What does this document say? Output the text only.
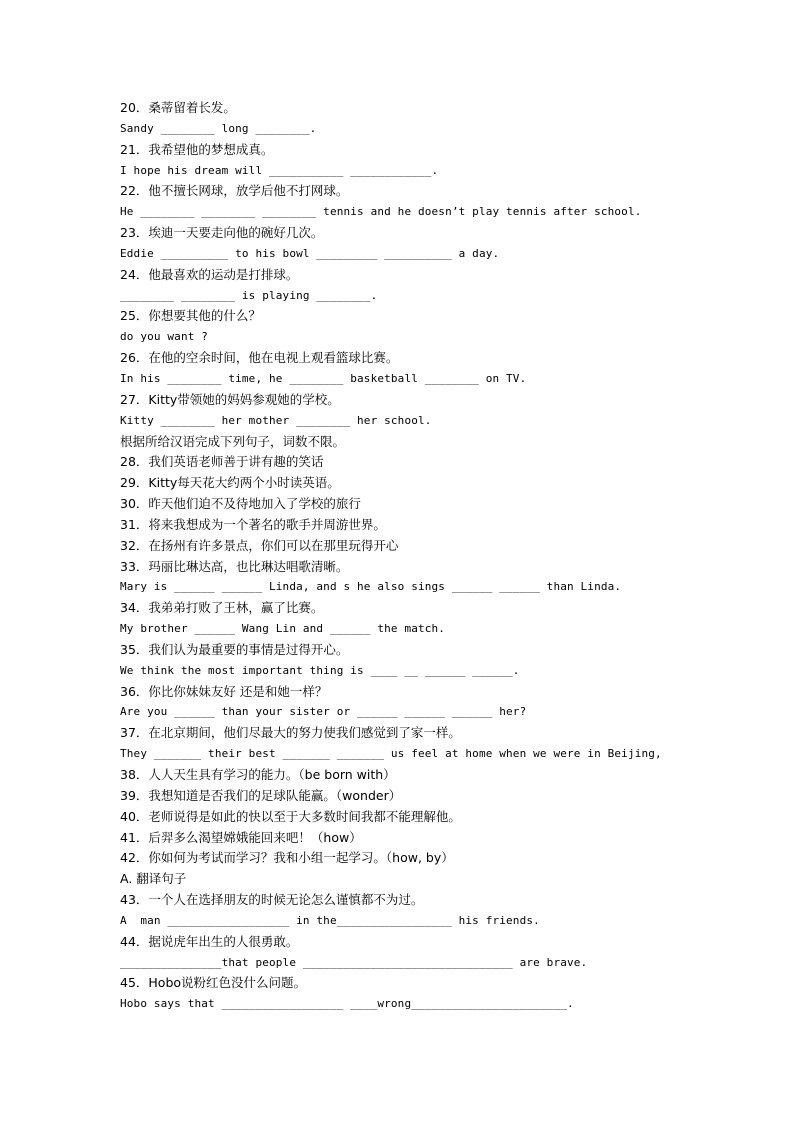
20．桑蒂留着长发。
Sandy ________ long ________.
21．我希望他的梦想成真。
I hope his dream will ___________ ____________.
22．他不擅长网球，放学后他不打网球。
He ________ ________ ________ tennis and he doesn’t play tennis after school.
23．埃迪一天要走向他的碗好几次。
Eddie __________ to his bowl _________ __________ a day.
24．他最喜欢的运动是打排球。
________ ________ is playing ________.
25．你想要其他的什么？
do you want ?
26．在他的空余时间，他在电视上观看篮球比赛。
In his ________ time, he ________ basketball ________ on TV.
27．Kitty带领她的妈妈参观她的学校。
Kitty ________ her mother ________ her school.
根据所给汉语完成下列句子，词数不限。
28．我们英语老师善于讲有趣的笑话
29．Kitty每天花大约两个小时读英语。
30．昨天他们迫不及待地加入了学校的旅行
31．将来我想成为一个著名的歌手并周游世界。
32．在扬州有许多景点，你们可以在那里玩得开心
33．玛丽比琳达高，也比琳达唱歌清晰。
Mary is ______ ______ Linda, and s he also sings ______ ______ than Linda.
34．我弟弟打败了王林，赢了比赛。
My brother ______ Wang Lin and ______ the match.
35．我们认为最重要的事情是过得开心。
We think the most important thing is ____ __ ______ ______.
36．你比你妹妹友好 还是和她一样？
Are you ______ than your sister or ______ ______ ______ her?
37．在北京期间，他们尽最大的努力使我们感觉到了家一样。
They _______ their best _______ _______ us feel at home when we were in Beijing,
38．人人天生具有学习的能力。（be born with）
39．我想知道是否我们的足球队能赢。（wonder）
40．老师说得是如此的快以至于大多数时间我都不能理解他。
41．后羿多么渴望嫦娥能回来吧！（how）
42．你如何为考试而学习？我和小组一起学习。（how, by）
A. 翻译句子
43．一个人在选择朋友的时候无论怎么谨慎都不为过。
A  man __________________ in the_________________ his friends.
44．据说虎年出生的人很勇敢。
_______________that people _______________________________ are brave.
45．Hobo说粉红色没什么问题。
Hobo says that __________________ ____wrong_______________________.
